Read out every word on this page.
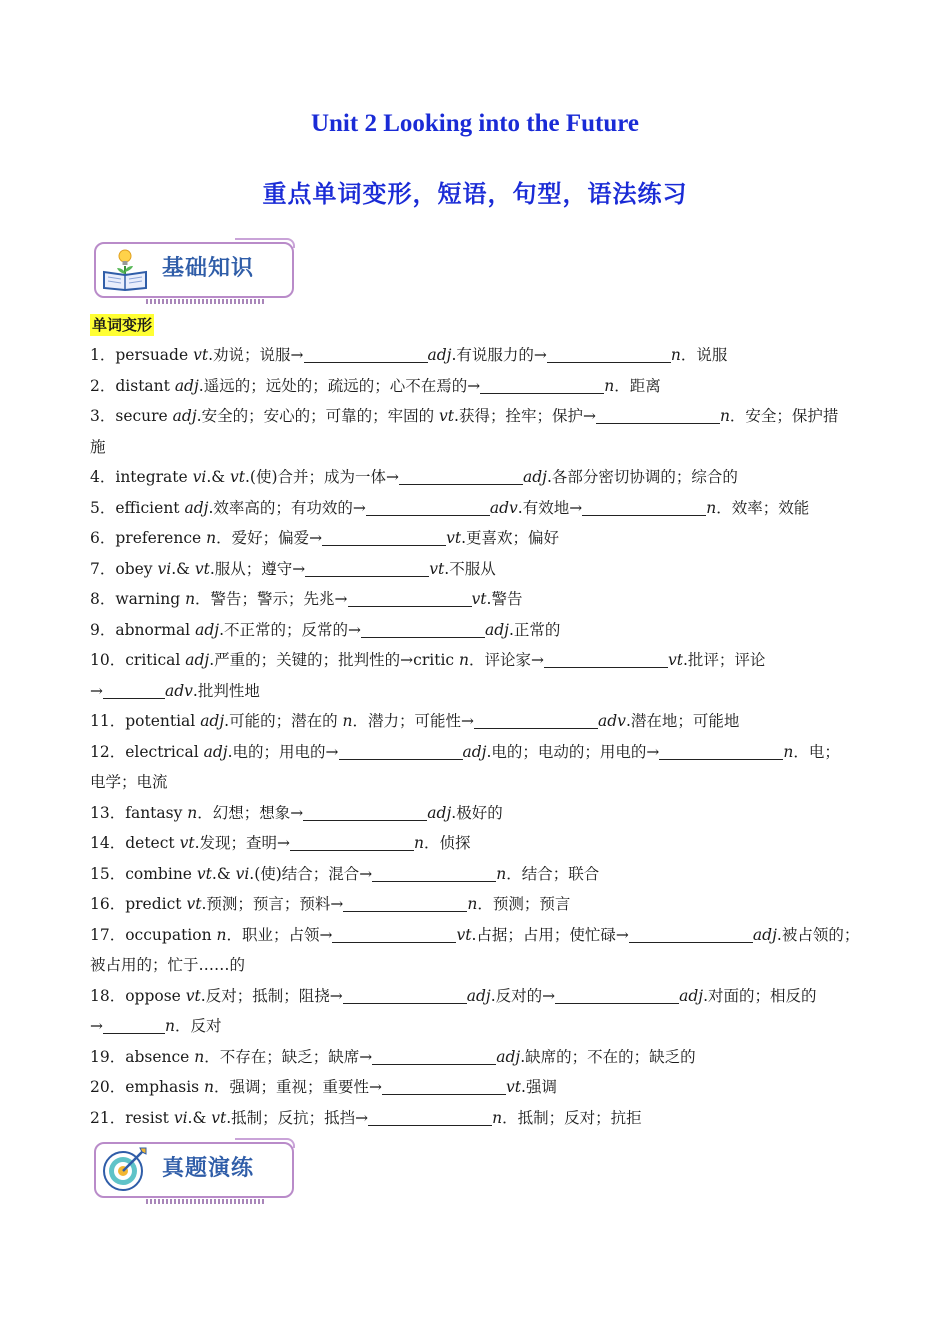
Unit 2 Looking into the Future
重点单词变形，短语，句型，语法练习
基础知识
单词变形
1．persuade vt.劝说；说服→	adj.有说服力的→	n．说服
2．distant adj.遥远的；远处的；疏远的；心不在焉的→	n．距离
3．secure adj.安全的；安心的；可靠的；牢固的 vt.获得；拴牢；保护→	n．安全；保护措
施
4．integrate vi.& vt.(使)合并；成为一体→	adj.各部分密切协调的；综合的
5．efficient adj.效率高的；有功效的→	adv.有效地→	n．效率；效能
6．preference n．爱好；偏爱→	vt.更喜欢；偏好
7．obey vi.& vt.服从；遵守→	vt.不服从
8．warning n．警告；警示；先兆→	vt.警告
9．abnormal adj.不正常的；反常的→	adj.正常的
10．critical adj.严重的；关键的；批判性的→critic n．评论家→	vt.批评；评论
→	adv.批判性地
11．potential adj.可能的；潜在的 n．潜力；可能性→	adv.潜在地；可能地
12．electrical adj.电的；用电的→	adj.电的；电动的；用电的→	n．电；
电学；电流
13．fantasy n．幻想；想象→	adj.极好的
14．detect vt.发现；查明→	n．侦探
15．combine vt.& vi.(使)结合；混合→	n．结合；联合
16．predict vt.预测；预言；预料→	n．预测；预言
17．occupation n．职业；占领→	vt.占据；占用；使忙碌→	adj.被占领的；
被占用的；忙于……的
18．oppose vt.反对；抵制；阻挠→	adj.反对的→	adj.对面的；相反的
→	n．反对
19．absence n．不存在；缺乏；缺席→	adj.缺席的；不在的；缺乏的
20．emphasis n．强调；重视；重要性→	vt.强调
21．resist vi.& vt.抵制；反抗；抵挡→	n．抵制；反对；抗拒
真题演练
